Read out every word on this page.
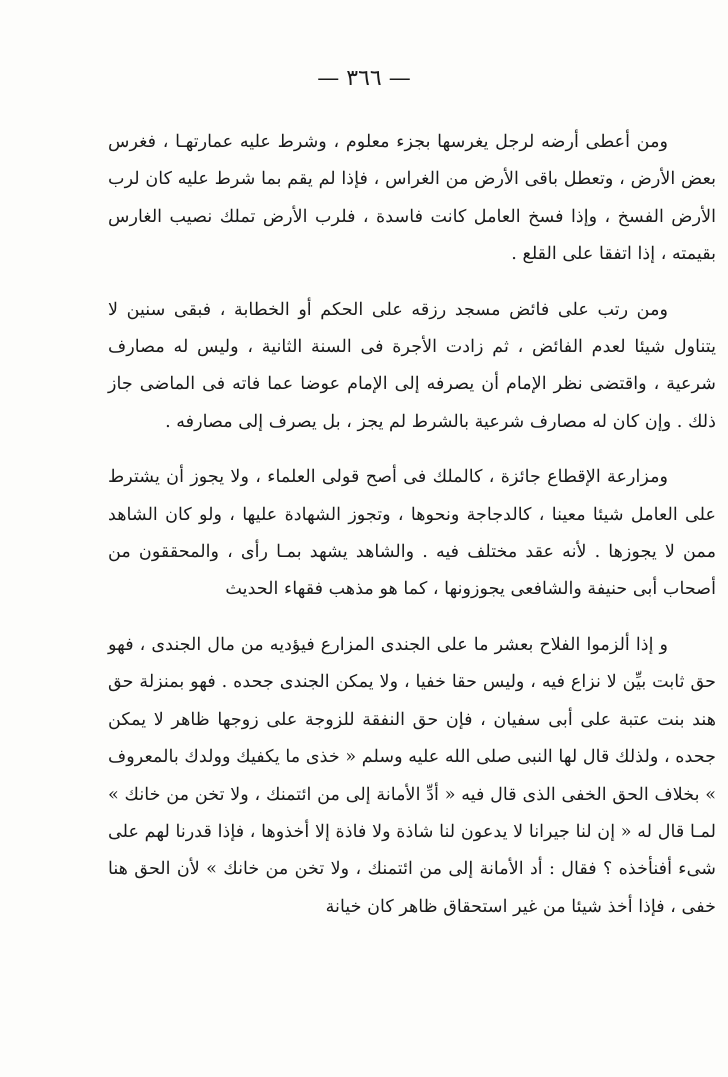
— ٣٦٦ —

ومن أعطى أرضه لرجل يغرسها بجزء معلوم ، وشرط عليه عمارتهـا ، فغرس بعض الأرض ، وتعطل باقى الأرض من الغراس ، فإذا لم يقم بما شرط عليه كان لرب الأرض الفسخ ، وإذا فسخ العامل كانت فاسدة ، فلرب الأرض تملك نصيب الغارس بقيمته ، إذا اتفقا على القلع .

ومن رتب على فائض مسجد رزقه على الحكم أو الخطابة ، فبقى سنين لا يتناول شيئا لعدم الفائض ، ثم زادت الأجرة فى السنة الثانية ، وليس له مصارف شرعية ، واقتضى نظر الإمام أن يصرفه إلى الإمام عوضا عما فاته فى الماضى جاز ذلك . وإن كان له مصارف شرعية بالشرط لم يجز ، بل يصرف إلى مصارفه .

ومزارعة الإقطاع جائزة ، كالملك فى أصح قولى العلماء ، ولا يجوز أن يشترط على العامل شيئا معينا ، كالدجاجة ونحوها ، وتجوز الشهادة عليها ، ولو كان الشاهد ممن لا يجوزها . لأنه عقد مختلف فيه . والشاهد يشهد بمـا رأى ، والمحققون من أصحاب أبى حنيفة والشافعى يجوزونها ، كما هو مذهب فقهاء الحديث

و إذا ألزموا الفلاح بعشر ما على الجندى المزارع فيؤديه من مال الجندى ، فهو حق ثابت بيِّن لا نزاع فيه ، وليس حقا خفيا ، ولا يمكن الجندى جحده . فهو بمنزلة حق هند بنت عتبة على أبى سفيان ، فإن حق النفقة للزوجة على زوجها ظاهر لا يمكن جحده ، ولذلك قال لها النبى صلى الله عليه وسلم « خذى ما يكفيك وولدك بالمعروف » بخلاف الحق الخفى الذى قال فيه « أدِّ الأمانة إلى من ائتمنك ، ولا تخن من خانك » لمـا قال له « إن لنا جيرانا لا يدعون لنا شاذة ولا فاذة إلا أخذوها ، فإذا قدرنا لهم على شىء أفنأخذه ؟ فقال : أد الأمانة إلى من ائتمنك ، ولا تخن من خانك » لأن الحق هنا خفى ، فإذا أخذ شيئا من غير استحقاق ظاهر كان خيانة
